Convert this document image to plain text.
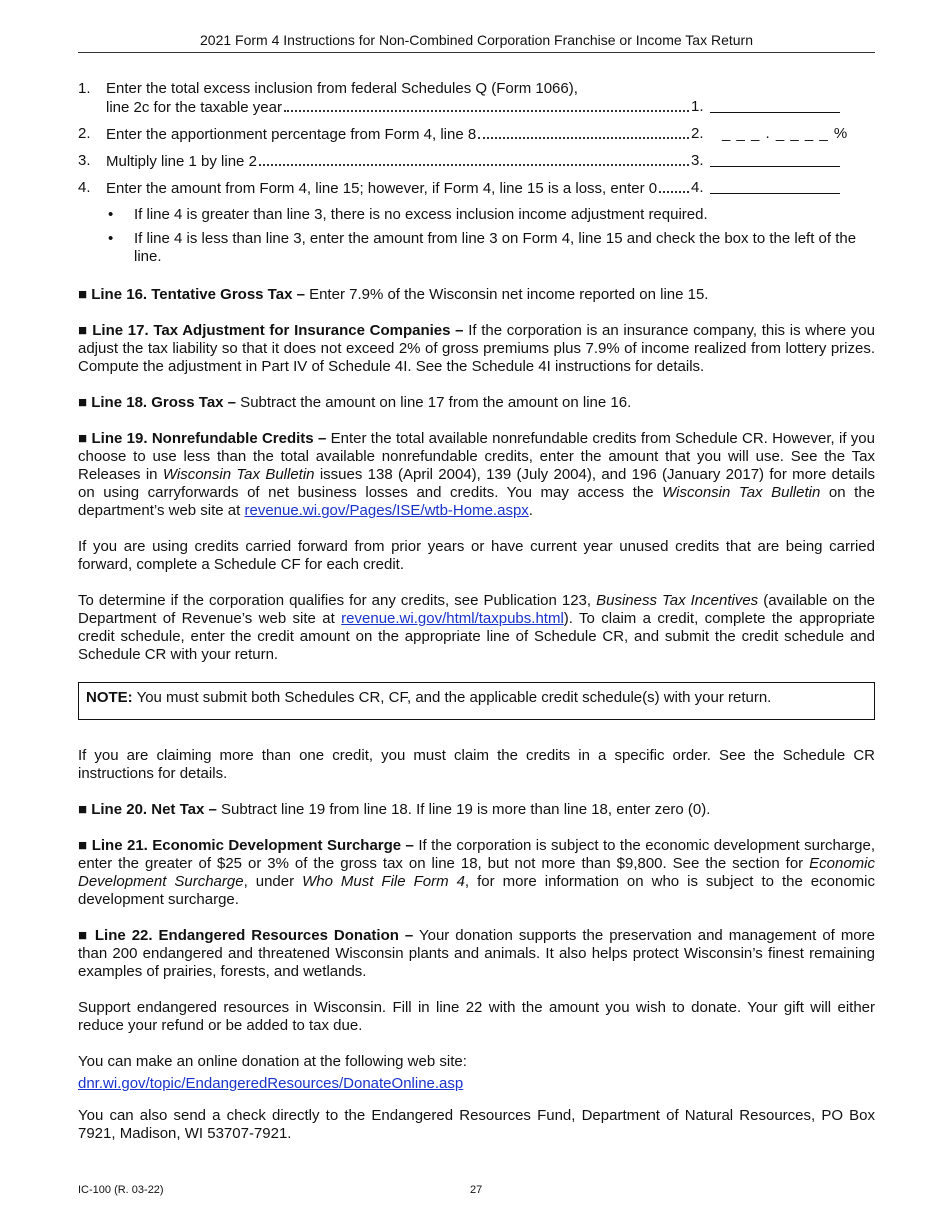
2021 Form 4 Instructions for Non-Combined Corporation Franchise or Income Tax Return
1. Enter the total excess inclusion from federal Schedules Q (Form 1066),
line 2c for the taxable year	1.
2. Enter the apportionment percentage from Form 4, line 8	2. _ _ _ . _ _ _ _ %
3. Multiply line 1 by line 2	3.
4. Enter the amount from Form 4, line 15; however, if Form 4, line 15 is a loss, enter 0 4.
• If line 4 is greater than line 3, there is no excess inclusion income adjustment required.
• If line 4 is less than line 3, enter the amount from line 3 on Form 4, line 15 and check the box to the left of the line.

■ Line 16. Tentative Gross Tax – Enter 7.9% of the Wisconsin net income reported on line 15.

■ Line 17. Tax Adjustment for Insurance Companies – If the corporation is an insurance company, this is where you adjust the tax liability so that it does not exceed 2% of gross premiums plus 7.9% of income realized from lottery prizes. Compute the adjustment in Part IV of Schedule 4I. See the Schedule 4I instructions for details.

■ Line 18. Gross Tax – Subtract the amount on line 17 from the amount on line 16.

■ Line 19. Nonrefundable Credits – Enter the total available nonrefundable credits from Schedule CR. However, if you choose to use less than the total available nonrefundable credits, enter the amount that you will use. See the Tax Releases in Wisconsin Tax Bulletin issues 138 (April 2004), 139 (July 2004), and 196 (January 2017) for more details on using carryforwards of net business losses and credits. You may access the Wisconsin Tax Bulletin on the department’s web site at revenue.wi.gov/Pages/ISE/wtb-Home.aspx.

If you are using credits carried forward from prior years or have current year unused credits that are being carried forward, complete a Schedule CF for each credit.

To determine if the corporation qualifies for any credits, see Publication 123, Business Tax Incentives (available on the Department of Revenue’s web site at revenue.wi.gov/html/taxpubs.html). To claim a credit, complete the appropriate credit schedule, enter the credit amount on the appropriate line of Schedule CR, and submit the credit schedule and Schedule CR with your return.

NOTE: You must submit both Schedules CR, CF, and the applicable credit schedule(s) with your return.

If you are claiming more than one credit, you must claim the credits in a specific order. See the Schedule CR instructions for details.

■ Line 20. Net Tax – Subtract line 19 from line 18. If line 19 is more than line 18, enter zero (0).

■ Line 21. Economic Development Surcharge – If the corporation is subject to the economic development surcharge, enter the greater of $25 or 3% of the gross tax on line 18, but not more than $9,800. See the section for Economic Development Surcharge, under Who Must File Form 4, for more information on who is subject to the economic development surcharge.

■ Line 22. Endangered Resources Donation – Your donation supports the preservation and management of more than 200 endangered and threatened Wisconsin plants and animals. It also helps protect Wisconsin’s finest remaining examples of prairies, forests, and wetlands.

Support endangered resources in Wisconsin. Fill in line 22 with the amount you wish to donate. Your gift will either reduce your refund or be added to tax due.

You can make an online donation at the following web site:
dnr.wi.gov/topic/EndangeredResources/DonateOnline.asp

You can also send a check directly to the Endangered Resources Fund, Department of Natural Resources, PO Box 7921, Madison, WI 53707-7921.

IC-100 (R. 03-22)	27
